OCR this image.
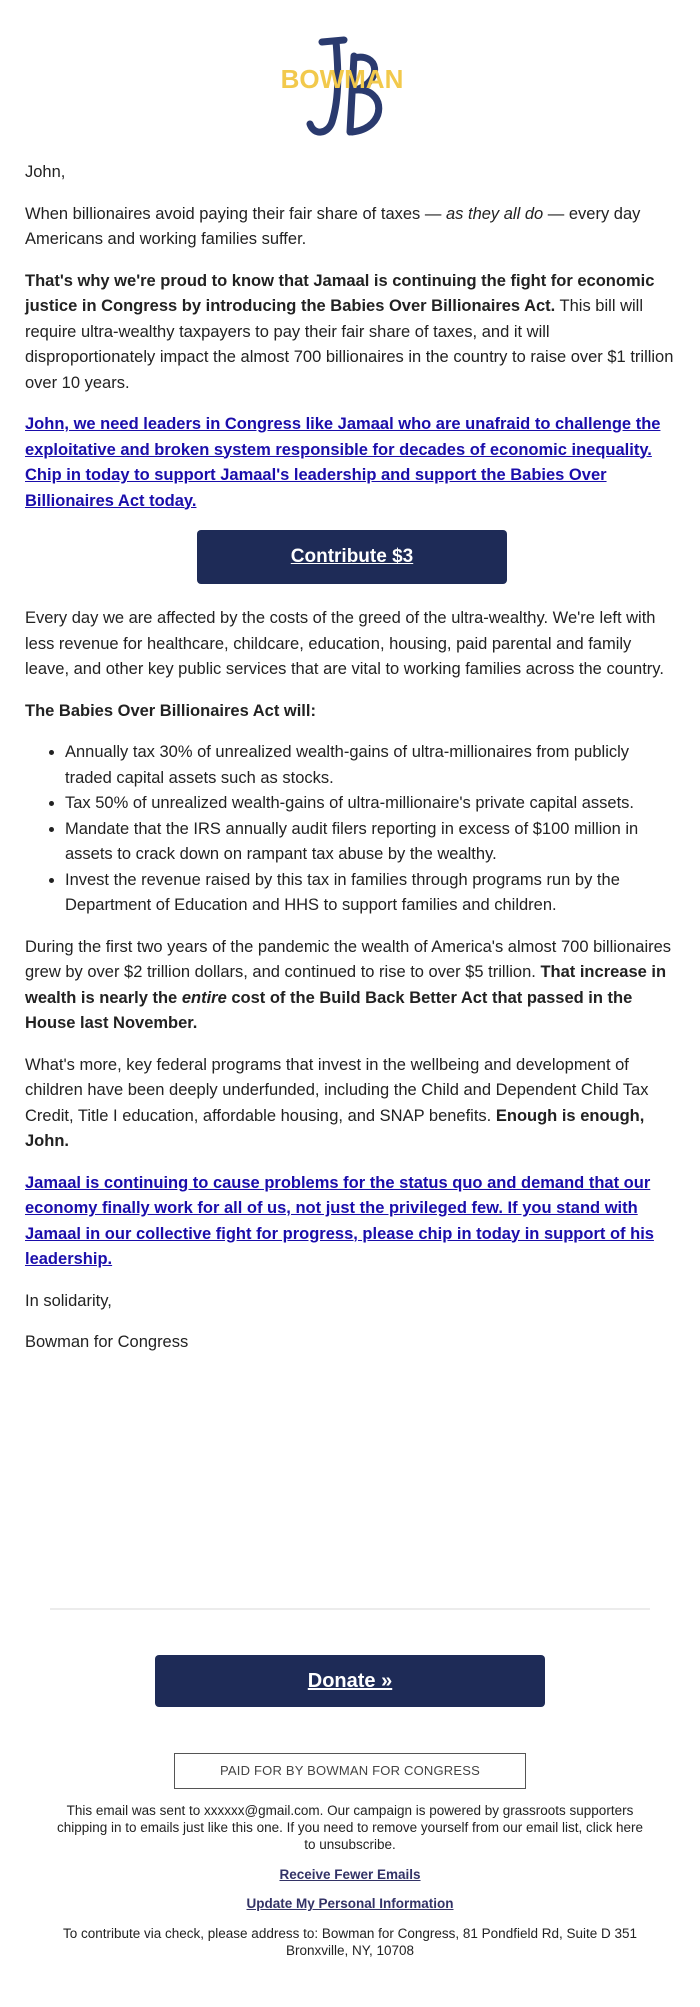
BOWMAN

John,

When billionaires avoid paying their fair share of taxes — as they all do — every day Americans and working families suffer.

That's why we're proud to know that Jamaal is continuing the fight for economic justice in Congress by introducing the Babies Over Billionaires Act. This bill will require ultra-wealthy taxpayers to pay their fair share of taxes, and it will disproportionately impact the almost 700 billionaires in the country to raise over $1 trillion over 10 years.

John, we need leaders in Congress like Jamaal who are unafraid to challenge the exploitative and broken system responsible for decades of economic inequality. Chip in today to support Jamaal's leadership and support the Babies Over Billionaires Act today.

Contribute $3

Every day we are affected by the costs of the greed of the ultra-wealthy. We're left with less revenue for healthcare, childcare, education, housing, paid parental and family leave, and other key public services that are vital to working families across the country.

The Babies Over Billionaires Act will:

• Annually tax 30% of unrealized wealth-gains of ultra-millionaires from publicly traded capital assets such as stocks.
• Tax 50% of unrealized wealth-gains of ultra-millionaire's private capital assets.
• Mandate that the IRS annually audit filers reporting in excess of $100 million in assets to crack down on rampant tax abuse by the wealthy.
• Invest the revenue raised by this tax in families through programs run by the Department of Education and HHS to support families and children.

During the first two years of the pandemic the wealth of America's almost 700 billionaires grew by over $2 trillion dollars, and continued to rise to over $5 trillion. That increase in wealth is nearly the entire cost of the Build Back Better Act that passed in the House last November.

What's more, key federal programs that invest in the wellbeing and development of children have been deeply underfunded, including the Child and Dependent Child Tax Credit, Title I education, affordable housing, and SNAP benefits. Enough is enough, John.

Jamaal is continuing to cause problems for the status quo and demand that our economy finally work for all of us, not just the privileged few. If you stand with Jamaal in our collective fight for progress, please chip in today in support of his leadership.

In solidarity,

Bowman for Congress

Donate »
PAID FOR BY BOWMAN FOR CONGRESS
This email was sent to xxxxxx@gmail.com. Our campaign is powered by grassroots supporters chipping in to emails just like this one. If you need to remove yourself from our email list, click here to unsubscribe.
Receive Fewer Emails
Update My Personal Information
To contribute via check, please address to: Bowman for Congress, 81 Pondfield Rd, Suite D 351
Bronxville, NY, 10708
